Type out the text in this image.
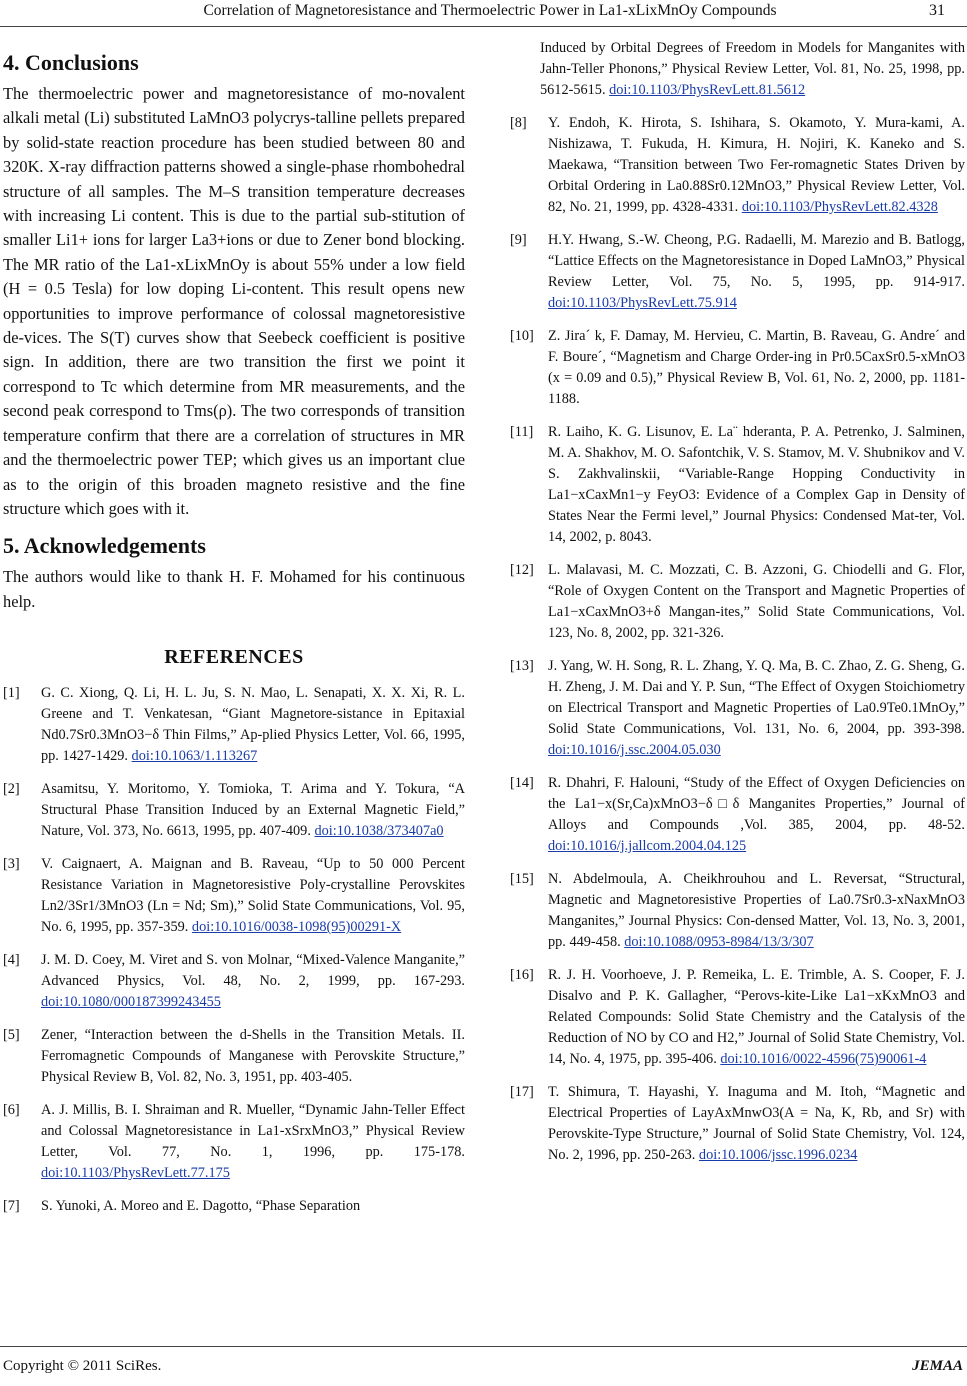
Correlation of Magnetoresistance and Thermoelectric Power in La1-xLixMnOy Compounds	31
4. Conclusions

The thermoelectric power and magnetoresistance of mo-novalent alkali metal (Li) substituted LaMnO3 polycrys-talline pellets prepared by solid-state reaction procedure has been studied between 80 and 320K. X-ray diffraction patterns showed a single-phase rhombohedral structure of all samples. The M–S transition temperature decreases with increasing Li content. This is due to the partial sub-stitution of smaller Li1+ ions for larger La3+ions or due to Zener bond blocking. The MR ratio of the La1-xLixMnOy is about 55% under a low field (H = 0.5 Tesla) for low doping Li-content. This result opens new opportunities to improve performance of colossal magnetoresistive de-vices. The S(T) curves show that Seebeck coefficient is positive sign. In addition, there are two transition the first we point it correspond to Tc which determine from MR measurements, and the second peak correspond to Tms(ρ). The two corresponds of transition temperature confirm that there are a correlation of structures in MR and the thermoelectric power TEP; which gives us an important clue as to the origin of this broaden magneto resistive and the fine structure which goes with it.

5. Acknowledgements

The authors would like to thank H. F. Mohamed for his continuous help.

REFERENCES
[1] G. C. Xiong, Q. Li, H. L. Ju, S. N. Mao, L. Senapati, X. X. Xi, R. L. Greene and T. Venkatesan, “Giant Magnetore-sistance in Epitaxial Nd0.7Sr0.3MnO3−δ Thin Films,” Ap-plied Physics Letter, Vol. 66, 1995, pp. 1427-1429. doi:10.1063/1.113267
[2] Asamitsu, Y. Moritomo, Y. Tomioka, T. Arima and Y. Tokura, “A Structural Phase Transition Induced by an External Magnetic Field,” Nature, Vol. 373, No. 6613, 1995, pp. 407-409. doi:10.1038/373407a0
[3] V. Caignaert, A. Maignan and B. Raveau, “Up to 50 000 Percent Resistance Variation in Magnetoresistive Poly-crystalline Perovskites Ln2/3Sr1/3MnO3 (Ln = Nd; Sm),” Solid State Communications, Vol. 95, No. 6, 1995, pp. 357-359. doi:10.1016/0038-1098(95)00291-X
[4] J. M. D. Coey, M. Viret and S. von Molnar, “Mixed-Valence Manganite,” Advanced Physics, Vol. 48, No. 2, 1999, pp. 167-293. doi:10.1080/000187399243455
[5] Zener, “Interaction between the d-Shells in the Transition Metals. II. Ferromagnetic Compounds of Manganese with Perovskite Structure,” Physical Review B, Vol. 82, No. 3, 1951, pp. 403-405.
[6] A. J. Millis, B. I. Shraiman and R. Mueller, “Dynamic Jahn-Teller Effect and Colossal Magnetoresistance in La1-xSrxMnO3,” Physical Review Letter, Vol. 77, No. 1, 1996, pp. 175-178. doi:10.1103/PhysRevLett.77.175
[7] S. Yunoki, A. Moreo and E. Dagotto, “Phase Separation
Induced by Orbital Degrees of Freedom in Models for Manganites with Jahn-Teller Phonons,” Physical Review Letter, Vol. 81, No. 25, 1998, pp. 5612-5615. doi:10.1103/PhysRevLett.81.5612
[8] Y. Endoh, K. Hirota, S. Ishihara, S. Okamoto, Y. Mura-kami, A. Nishizawa, T. Fukuda, H. Kimura, H. Nojiri, K. Kaneko and S. Maekawa, “Transition between Two Fer-romagnetic States Driven by Orbital Ordering in La0.88Sr0.12MnO3,” Physical Review Letter, Vol. 82, No. 21, 1999, pp. 4328-4331. doi:10.1103/PhysRevLett.82.4328
[9] H.Y. Hwang, S.-W. Cheong, P.G. Radaelli, M. Marezio and B. Batlogg, “Lattice Effects on the Magnetoresistance in Doped LaMnO3,” Physical Review Letter, Vol. 75, No. 5, 1995, pp. 914-917. doi:10.1103/PhysRevLett.75.914
[10] Z. Jira´ k, F. Damay, M. Hervieu, C. Martin, B. Raveau, G. Andre´ and F. Boure´, “Magnetism and Charge Order-ing in Pr0.5CaxSr0.5-xMnO3 (x = 0.09 and 0.5),” Physical Review B, Vol. 61, No. 2, 2000, pp. 1181- 1188.
[11] R. Laiho, K. G. Lisunov, E. La¨ hderanta, P. A. Petrenko, J. Salminen, M. A. Shakhov, M. O. Safontchik, V. S. Stamov, M. V. Shubnikov and V. S. Zakhvalinskii, “Variable-Range Hopping Conductivity in La1−xCaxMn1−y FeyO3: Evidence of a Complex Gap in Density of States Near the Fermi level,” Journal Physics: Condensed Mat-ter, Vol. 14, 2002, p. 8043.
[12] L. Malavasi, M. C. Mozzati, C. B. Azzoni, G. Chiodelli and G. Flor, “Role of Oxygen Content on the Transport and Magnetic Properties of La1−xCaxMnO3+δ Mangan-ites,” Solid State Communications, Vol. 123, No. 8, 2002, pp. 321-326.
[13] J. Yang, W. H. Song, R. L. Zhang, Y. Q. Ma, B. C. Zhao, Z. G. Sheng, G. H. Zheng, J. M. Dai and Y. P. Sun, “The Effect of Oxygen Stoichiometry on Electrical Transport and Magnetic Properties of La0.9Te0.1MnOy,” Solid State Communications, Vol. 131, No. 6, 2004, pp. 393-398. doi:10.1016/j.ssc.2004.05.030
[14] R. Dhahri, F. Halouni, “Study of the Effect of Oxygen Deficiencies on the La1−x(Sr,Ca)xMnO3−δ□δ Manganites Properties,” Journal of Alloys and Compounds ,Vol. 385, 2004, pp. 48-52. doi:10.1016/j.jallcom.2004.04.125
[15] N. Abdelmoula, A. Cheikhrouhou and L. Reversat, “Structural, Magnetic and Magnetoresistive Properties of La0.7Sr0.3-xNaxMnO3 Manganites,” Journal Physics: Con-densed Matter, Vol. 13, No. 3, 2001, pp. 449-458. doi:10.1088/0953-8984/13/3/307
[16] R. J. H. Voorhoeve, J. P. Remeika, L. E. Trimble, A. S. Cooper, F. J. Disalvo and P. K. Gallagher, “Perovs-kite-Like La1−xKxMnO3 and Related Compounds: Solid State Chemistry and the Catalysis of the Reduction of NO by CO and H2,” Journal of Solid State Chemistry, Vol. 14, No. 4, 1975, pp. 395-406. doi:10.1016/0022-4596(75)90061-4
[17] T. Shimura, T. Hayashi, Y. Inaguma and M. Itoh, “Magnetic and Electrical Properties of LayAxMnwO3(A = Na, K, Rb, and Sr) with Perovskite-Type Structure,” Journal of Solid State Chemistry, Vol. 124, No. 2, 1996, pp. 250-263. doi:10.1006/jssc.1996.0234
Copyright © 2011 SciRes.	JEMAA
